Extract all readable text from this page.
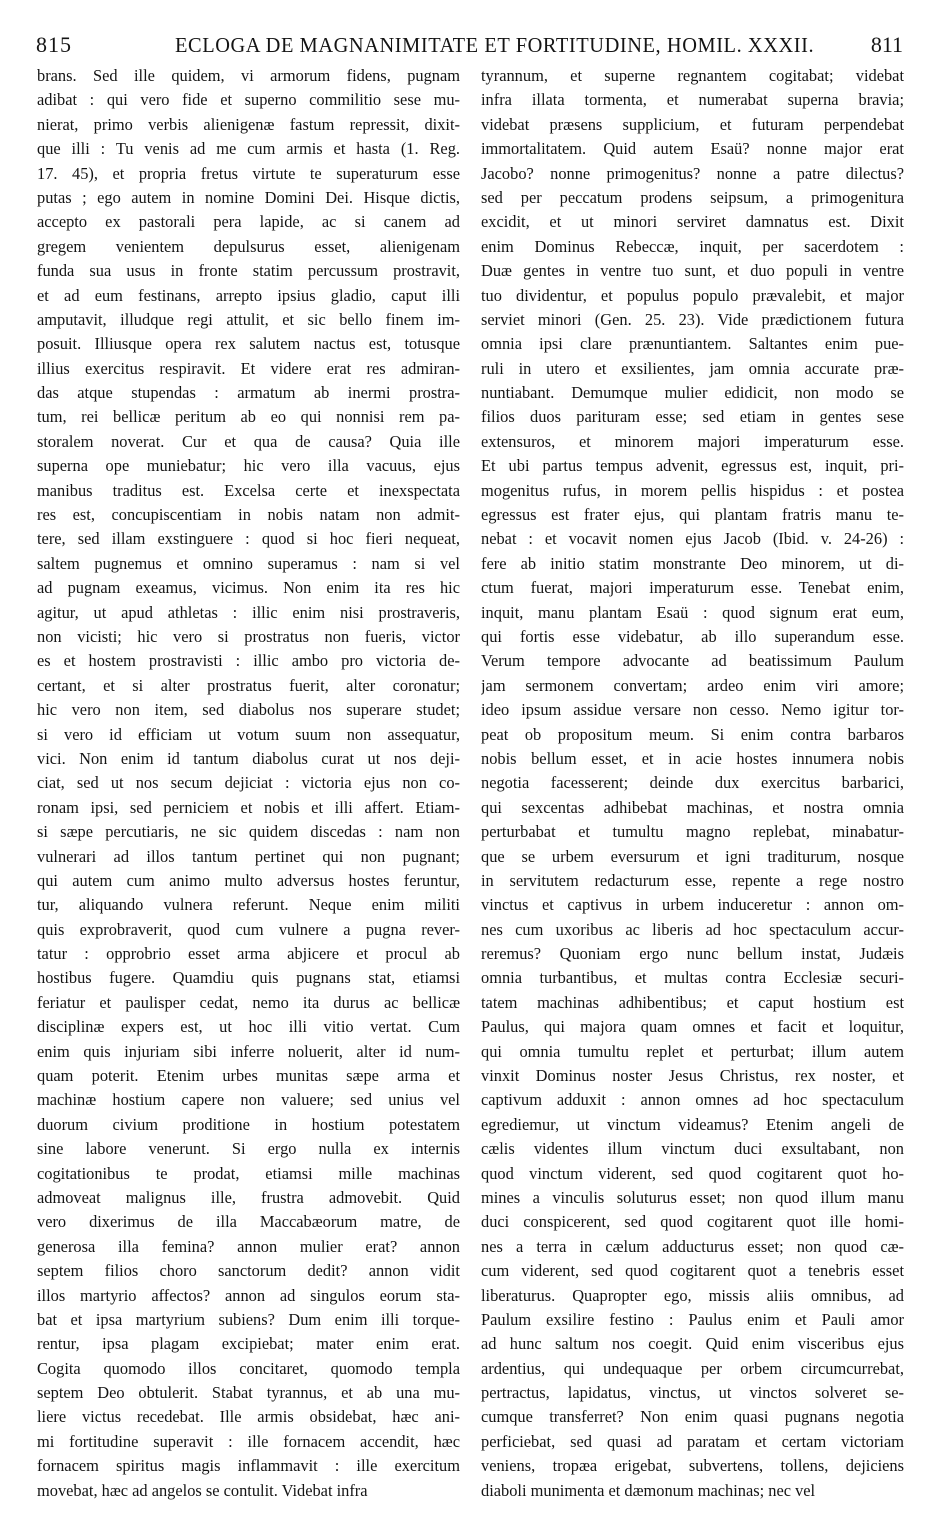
815	ECLOGA DE MAGNANIMITATE ET FORTITUDINE, HOMIL. XXXII.	811
brans. Sed ille quidem, vi armorum fidens, pugnam
adibat : qui vero fide et superno commilitio sese mu-
nierat, primo verbis alienigenæ fastum repressit, dixit-
que illi : Tu venis ad me cum armis et hasta (1. Reg.
17. 45), et propria fretus virtute te superaturum esse
putas ; ego autem in nomine Domini Dei. Hisque dictis,
accepto ex pastorali pera lapide, ac si canem ad
gregem venientem depulsurus esset, alienigenam
funda sua usus in fronte statim percussum prostravit,
et ad eum festinans, arrepto ipsius gladio, caput illi
amputavit, illudque regi attulit, et sic bello finem im-
posuit. Illiusque opera rex salutem nactus est, totusque
illius exercitus respiravit. Et videre erat res admiran-
das atque stupendas : armatum ab inermi prostra-
tum, rei bellicæ peritum ab eo qui nonnisi rem pa-
storalem noverat. Cur et qua de causa? Quia ille
superna ope muniebatur; hic vero illa vacuus, ejus
manibus traditus est. Excelsa certe et inexspectata
res est, concupiscentiam in nobis natam non admit-
tere, sed illam exstinguere : quod si hoc fieri nequeat,
saltem pugnemus et omnino superamus : nam si vel
ad pugnam exeamus, vicimus. Non enim ita res hic
agitur, ut apud athletas : illic enim nisi prostraveris,
non vicisti; hic vero si prostratus non fueris, victor
es et hostem prostravisti : illic ambo pro victoria de-
certant, et si alter prostratus fuerit, alter coronatur;
hic vero non item, sed diabolus nos superare studet;
si vero id efficiam ut votum suum non assequatur,
vici. Non enim id tantum diabolus curat ut nos deji-
ciat, sed ut nos secum dejiciat : victoria ejus non co-
ronam ipsi, sed perniciem et nobis et illi affert. Etiam-
si sæpe percutiaris, ne sic quidem discedas : nam non
vulnerari ad illos tantum pertinet qui non pugnant;
qui autem cum animo multo adversus hostes feruntur,
tur, aliquando vulnera referunt. Neque enim militi
quis exprobraverit, quod cum vulnere a pugna rever-
tatur : opprobrio esset arma abjicere et procul ab
hostibus fugere. Quamdiu quis pugnans stat, etiamsi
feriatur et paulisper cedat, nemo ita durus ac bellicæ
disciplinæ expers est, ut hoc illi vitio vertat. Cum
enim quis injuriam sibi inferre noluerit, alter id num-
quam poterit. Etenim urbes munitas sæpe arma et
machinæ hostium capere non valuere; sed unius vel
duorum civium proditione in hostium potestatem
sine labore venerunt. Si ergo nulla ex internis
cogitationibus te prodat, etiamsi mille machinas
admoveat malignus ille, frustra admovebit. Quid
vero dixerimus de illa Maccabæorum matre, de
generosa illa femina? annon mulier erat? annon
septem filios choro sanctorum dedit? annon vidit
illos martyrio affectos? annon ad singulos eorum sta-
bat et ipsa martyrium subiens? Dum enim illi torque-
rentur, ipsa plagam excipiebat; mater enim erat.
Cogita quomodo illos concitaret, quomodo templa
septem Deo obtulerit. Stabat tyrannus, et ab una mu-
liere victus recedebat. Ille armis obsidebat, hæc ani-
mi fortitudine superavit : ille fornacem accendit, hæc
fornacem spiritus magis inflammavit : ille exercitum
movebat, hæc ad angelos se contulit. Videbat infra
tyrannum, et superne regnantem cogitabat; videbat
infra illata tormenta, et numerabat superna bravia;
videbat præsens supplicium, et futuram perpendebat
immortalitatem. Quid autem Esaü? nonne major erat
Jacobo? nonne primogenitus? nonne a patre dilectus?
sed per peccatum prodens seipsum, a primogenitura
excidit, et ut minori serviret damnatus est. Dixit
enim Dominus Rebeccæ, inquit, per sacerdotem :
Duæ gentes in ventre tuo sunt, et duo populi in ventre
tuo dividentur, et populus populo prævalebit, et major
serviet minori (Gen. 25. 23). Vide prædictionem futura
omnia ipsi clare prænuntiantem. Saltantes enim pue-
ruli in utero et exsilientes, jam omnia accurate præ-
nuntiabant. Demumque mulier edidicit, non modo se
filios duos parituram esse; sed etiam in gentes sese
extensuros, et minorem majori imperaturum esse.
Et ubi partus tempus advenit, egressus est, inquit, pri-
mogenitus rufus, in morem pellis hispidus : et postea
egressus est frater ejus, qui plantam fratris manu te-
nebat : et vocavit nomen ejus Jacob (Ibid. v. 24-26) :
fere ab initio statim monstrante Deo minorem, ut di-
ctum fuerat, majori imperaturum esse. Tenebat enim,
inquit, manu plantam Esaü : quod signum erat eum,
qui fortis esse videbatur, ab illo superandum esse.
Verum tempore advocante ad beatissimum Paulum
jam sermonem convertam; ardeo enim viri amore;
ideo ipsum assidue versare non cesso. Nemo igitur tor-
peat ob propositum meum. Si enim contra barbaros
nobis bellum esset, et in acie hostes innumera nobis
negotia facesserent; deinde dux exercitus barbarici,
qui sexcentas adhibebat machinas, et nostra omnia
perturbabat et tumultu magno replebat, minabatur-
que se urbem eversurum et igni traditurum, nosque
in servitutem redacturum esse, repente a rege nostro
vinctus et captivus in urbem induceretur : annon om-
nes cum uxoribus ac liberis ad hoc spectaculum accur-
reremus? Quoniam ergo nunc bellum instat, Judæis
omnia turbantibus, et multas contra Ecclesiæ securi-
tatem machinas adhibentibus; et caput hostium est
Paulus, qui majora quam omnes et facit et loquitur,
qui omnia tumultu replet et perturbat; illum autem
vinxit Dominus noster Jesus Christus, rex noster, et
captivum adduxit : annon omnes ad hoc spectaculum
egrediemur, ut vinctum videamus? Etenim angeli de
cælis videntes illum vinctum duci exsultabant, non
quod vinctum viderent, sed quod cogitarent quot ho-
mines a vinculis soluturus esset; non quod illum manu
duci conspicerent, sed quod cogitarent quot ille homi-
nes a terra in cælum adducturus esset; non quod cæ-
cum viderent, sed quod cogitarent quot a tenebris esset
liberaturus. Quapropter ego, missis aliis omnibus, ad
Paulum exsilire festino : Paulus enim et Pauli amor
ad hunc saltum nos coegit. Quid enim visceribus ejus
ardentius, qui undequaque per orbem circumcurrebat,
pertractus, lapidatus, vinctus, ut vinctos solveret se-
cumque transferret? Non enim quasi pugnans negotia
perficiebat, sed quasi ad paratam et certam victoriam
veniens, tropæa erigebat, subvertens, tollens, dejiciens
diaboli munimenta et dæmonum machinas; nec vel
